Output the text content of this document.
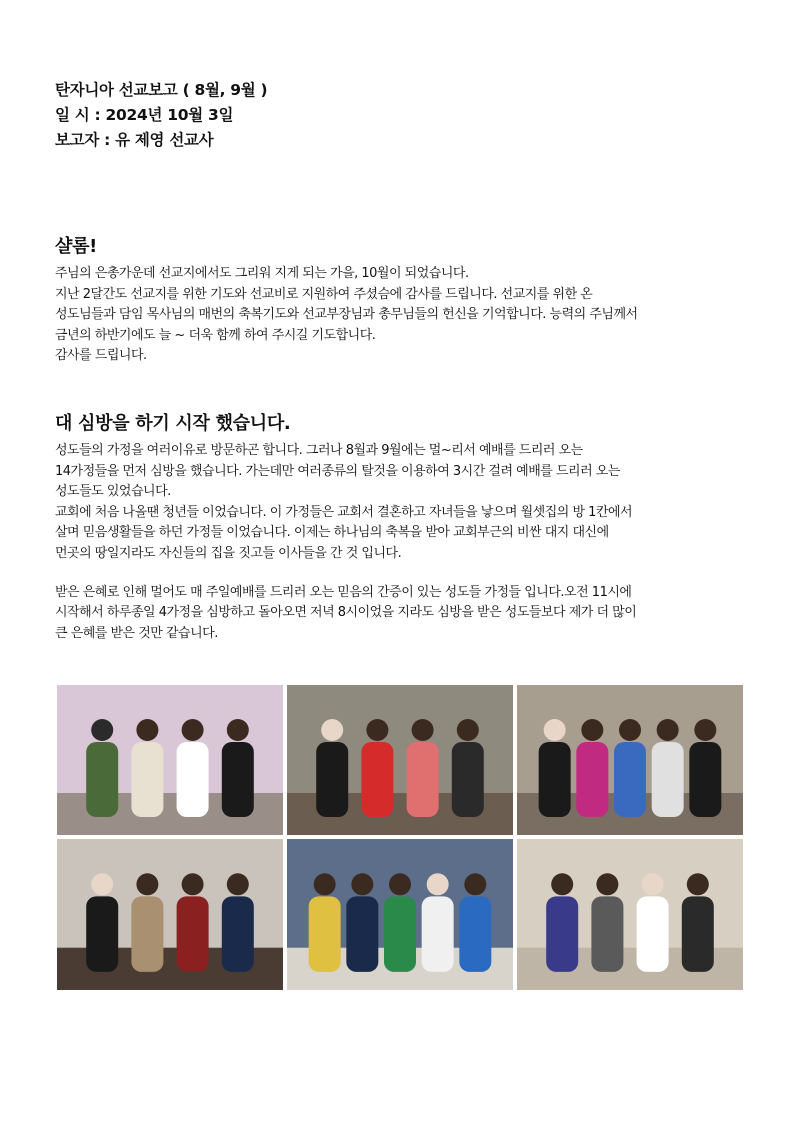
탄자니아 선교보고 ( 8월, 9월 )
일 시 : 2024년 10월 3일
보고자 : 유 제영 선교사
샬롬!
주님의 은총가운데 선교지에서도 그리워 지게 되는 가을, 10월이 되었습니다.
지난 2달간도 선교지를 위한 기도와 선교비로 지원하여 주셨슴에 감사를 드립니다. 선교지를 위한 온
성도님들과 담임 목사님의 매번의 축복기도와 선교부장님과 총무님들의 헌신을 기억합니다. 능력의 주님께서
금년의 하반기에도 늘 ~ 더욱 함께 하여 주시길 기도합니다.
감사를 드립니다.
대 심방을 하기 시작 했습니다.
성도들의 가정을 여러이유로 방문하곤 합니다. 그러나 8월과 9월에는 멀~리서 예배를 드리러 오는
14가정들을 먼저 심방을 했습니다. 가는데만 여러종류의 탈것을 이용하여 3시간 걸려 예배를 드리러 오는
성도들도 있었습니다.
교회에 처음 나올땐 청년들 이었습니다. 이 가정들은 교회서 결혼하고 자녀들을 낳으며 월셋집의 방 1칸에서
살며 믿음생활들을 하던 가정들 이었습니다. 이제는 하나님의 축복을 받아 교회부근의 비싼 대지 대신에
먼곳의 땅일지라도 자신들의 집을 짓고들 이사들을 간 것 입니다.
받은 은혜로 인해 멀어도 매 주일예배를 드리러 오는 믿음의 간증이 있는 성도들 가정들 입니다.오전 11시에
시작해서 하루종일 4가정을 심방하고 돌아오면 저녁 8시이었을 지라도 심방을 받은 성도들보다 제가 더 많이
큰 은혜를 받은 것만 같습니다.
